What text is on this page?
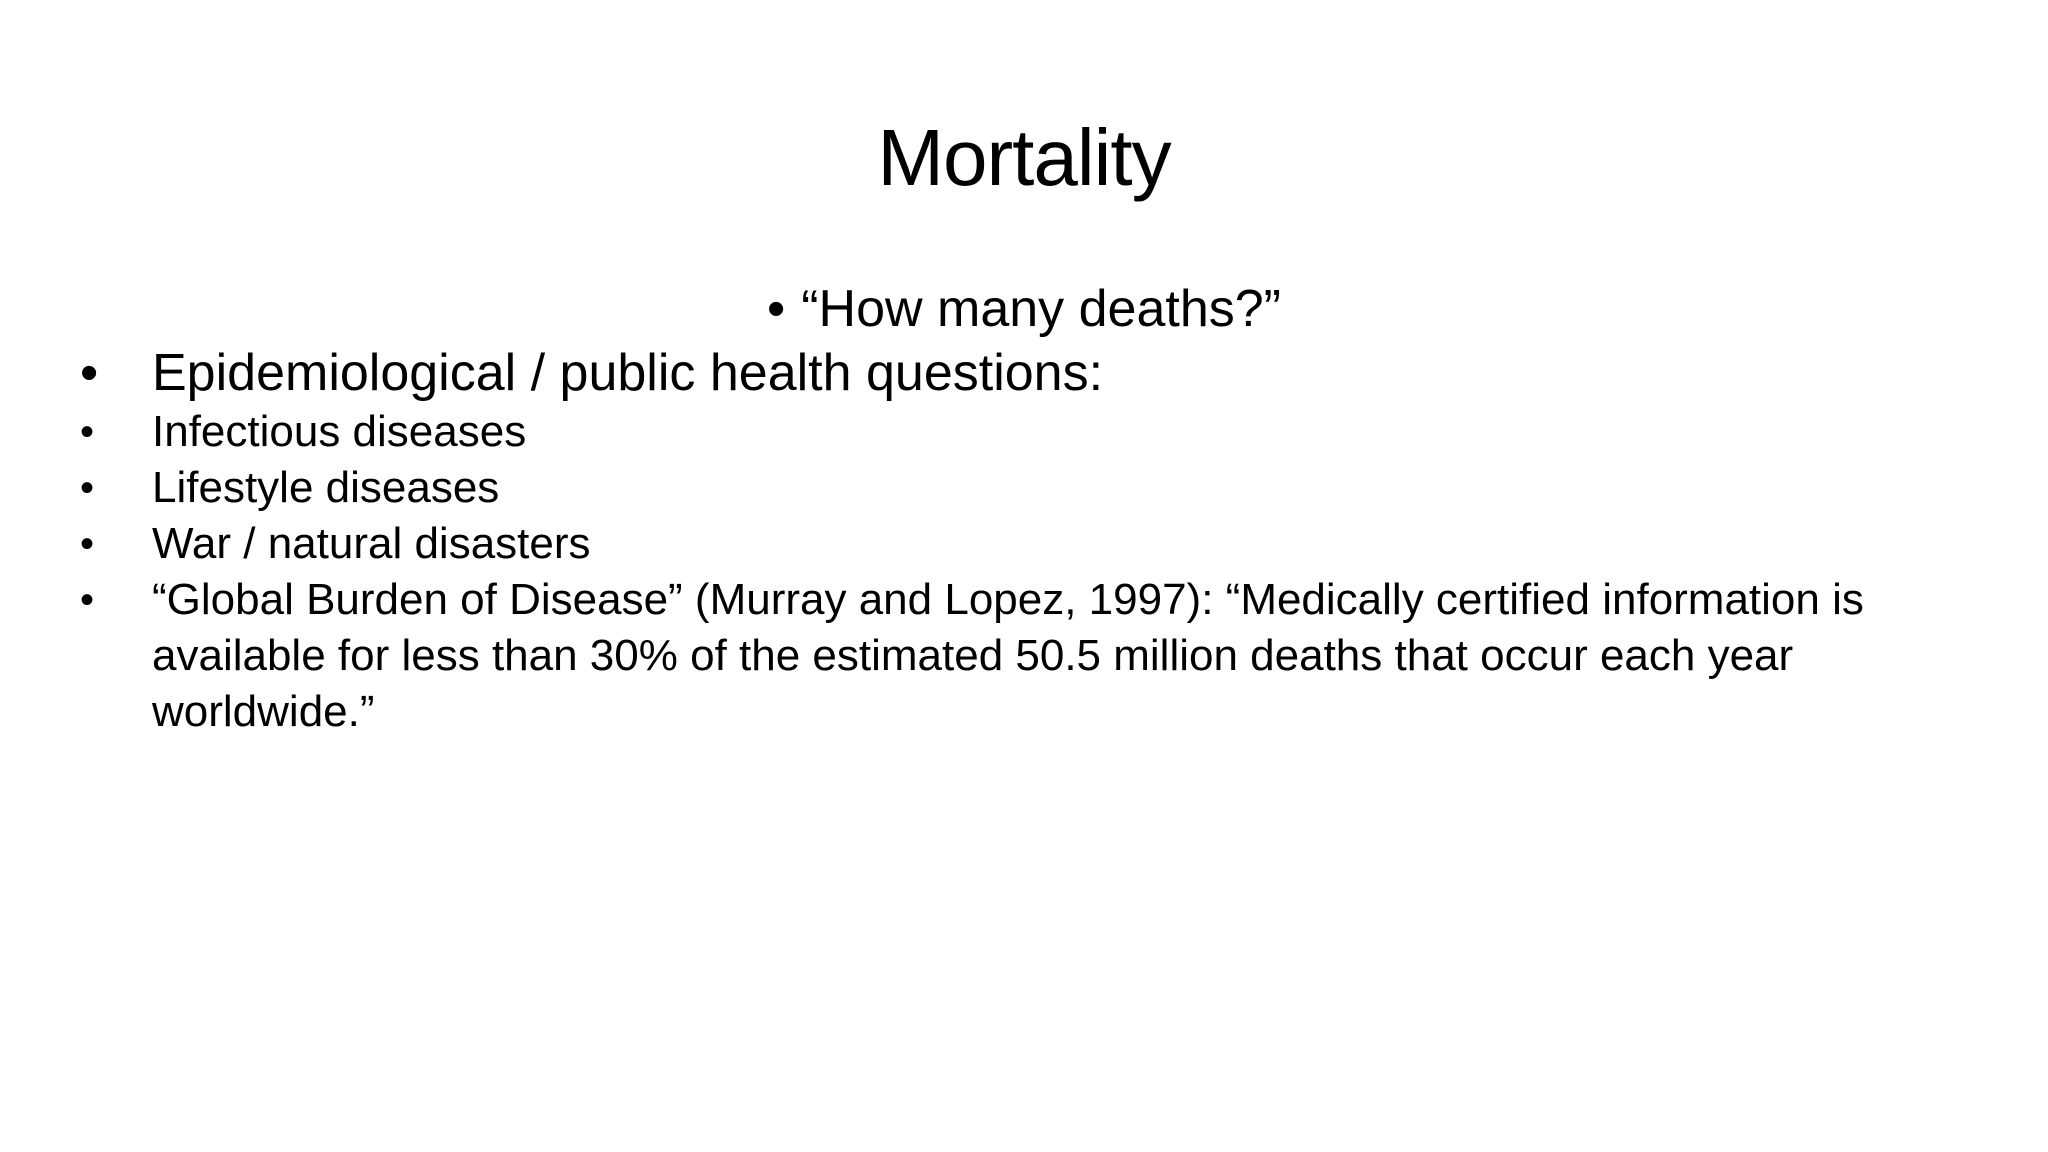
Mortality
• “How many deaths?”
• Epidemiological / public health questions:
• Infectious diseases
• Lifestyle diseases
• War / natural disasters
• “Global Burden of Disease” (Murray and Lopez, 1997): “Medically certified information is available for less than 30% of the estimated 50.5 million deaths that occur each year worldwide.”
